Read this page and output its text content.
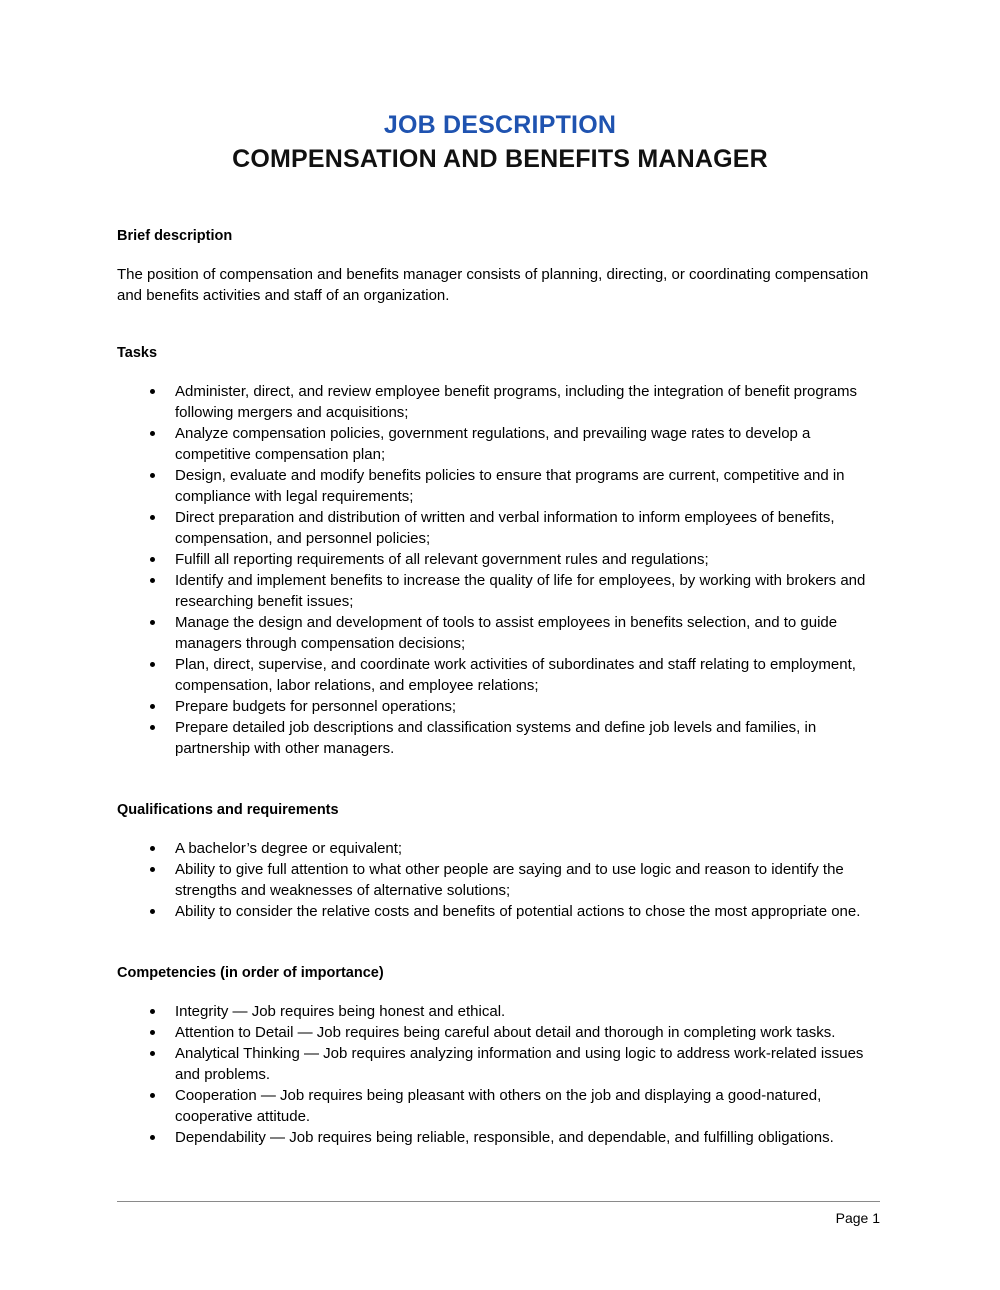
JOB DESCRIPTION
COMPENSATION AND BENEFITS MANAGER
Brief description

The position of compensation and benefits manager consists of planning, directing, or coordinating compensation and benefits activities and staff of an organization.

Tasks
Administer, direct, and review employee benefit programs, including the integration of benefit programs following mergers and acquisitions;
Analyze compensation policies, government regulations, and prevailing wage rates to develop a competitive compensation plan;
Design, evaluate and modify benefits policies to ensure that programs are current, competitive and in compliance with legal requirements;
Direct preparation and distribution of written and verbal information to inform employees of benefits, compensation, and personnel policies;
Fulfill all reporting requirements of all relevant government rules and regulations;
Identify and implement benefits to increase the quality of life for employees, by working with brokers and researching benefit issues;
Manage the design and development of tools to assist employees in benefits selection, and to guide managers through compensation decisions;
Plan, direct, supervise, and coordinate work activities of subordinates and staff relating to employment, compensation, labor relations, and employee relations;
Prepare budgets for personnel operations;
Prepare detailed job descriptions and classification systems and define job levels and families, in partnership with other managers.
Qualifications and requirements
A bachelor’s degree or equivalent;
Ability to give full attention to what other people are saying and to use logic and reason to identify the strengths and weaknesses of alternative solutions;
Ability to consider the relative costs and benefits of potential actions to chose the most appropriate one.
Competencies (in order of importance)
Integrity — Job requires being honest and ethical.
Attention to Detail — Job requires being careful about detail and thorough in completing work tasks.
Analytical Thinking — Job requires analyzing information and using logic to address work-related issues and problems.
Cooperation — Job requires being pleasant with others on the job and displaying a good-natured, cooperative attitude.
Dependability — Job requires being reliable, responsible, and dependable, and fulfilling obligations.
Page 1
